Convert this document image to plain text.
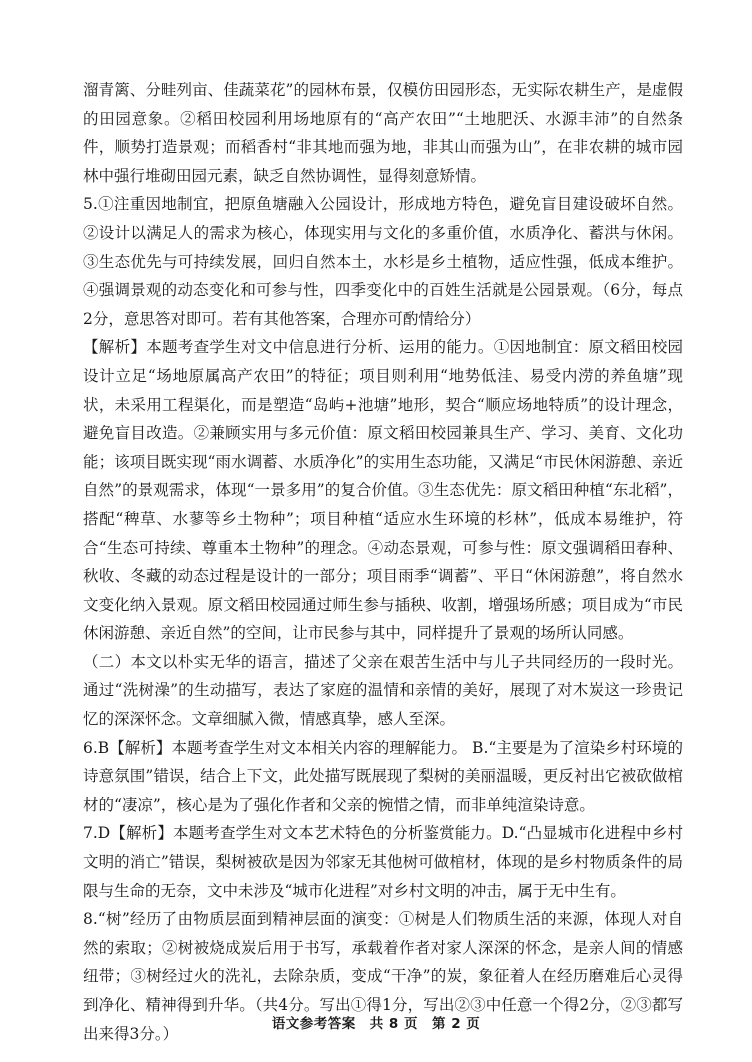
溜青篱、分畦列亩、佳蔬菜花”的园林布景，仅模仿田园形态，无实际农耕生产，是虚假的田园意象。②稻田校园利用场地原有的“高产农田”“土地肥沃、水源丰沛”的自然条件，顺势打造景观；而稻香村“非其地而强为地，非其山而强为山”，在非农耕的城市园林中强行堆砌田园元素，缺乏自然协调性，显得刻意矫情。

5.①注重因地制宜，把原鱼塘融入公园设计，形成地方特色，避免盲目建设破坏自然。②设计以满足人的需求为核心，体现实用与文化的多重价值，水质净化、蓄洪与休闲。③生态优先与可持续发展，回归自然本土，水杉是乡土植物，适应性强，低成本维护。④强调景观的动态变化和可参与性，四季变化中的百姓生活就是公园景观。（6分，每点2分，意思答对即可。若有其他答案，合理亦可酌情给分）

【解析】本题考查学生对文中信息进行分析、运用的能力。①因地制宜：原文稻田校园设计立足“场地原属高产农田”的特征；项目则利用“地势低洼、易受内涝的养鱼塘”现状，未采用工程渠化，而是塑造“岛屿+池塘”地形，契合“顺应场地特质”的设计理念，避免盲目改造。②兼顾实用与多元价值：原文稻田校园兼具生产、学习、美育、文化功能；该项目既实现“雨水调蓄、水质净化”的实用生态功能，又满足“市民休闲游憩、亲近自然”的景观需求，体现“一景多用”的复合价值。③生态优先：原文稻田种植“东北稻”，搭配“稗草、水蓼等乡土物种”；项目种植“适应水生环境的杉林”，低成本易维护，符合“生态可持续、尊重本土物种”的理念。④动态景观，可参与性：原文强调稻田春种、秋收、冬藏的动态过程是设计的一部分；项目雨季“调蓄”、平日“休闲游憩”，将自然水文变化纳入景观。原文稻田校园通过师生参与插秧、收割，增强场所感；项目成为“市民休闲游憩、亲近自然”的空间，让市民参与其中，同样提升了景观的场所认同感。

（二）本文以朴实无华的语言，描述了父亲在艰苦生活中与儿子共同经历的一段时光。通过“洗树澡”的生动描写，表达了家庭的温情和亲情的美好，展现了对木炭这一珍贵记忆的深深怀念。文章细腻入微，情感真挚，感人至深。

6.B【解析】本题考查学生对文本相关内容的理解能力。 B.“主要是为了渲染乡村环境的诗意氛围”错误，结合上下文，此处描写既展现了梨树的美丽温暖，更反衬出它被砍做棺材的“凄凉”，核心是为了强化作者和父亲的惋惜之情，而非单纯渲染诗意。

7.D【解析】本题考查学生对文本艺术特色的分析鉴赏能力。D.“凸显城市化进程中乡村文明的消亡”错误，梨树被砍是因为邻家无其他树可做棺材，体现的是乡村物质条件的局限与生命的无奈，文中未涉及“城市化进程”对乡村文明的冲击，属于无中生有。

8.“树”经历了由物质层面到精神层面的演变：①树是人们物质生活的来源，体现人对自然的索取；②树被烧成炭后用于书写，承载着作者对家人深深的怀念，是亲人间的情感纽带；③树经过火的洗礼，去除杂质，变成“干净”的炭，象征着人在经历磨难后心灵得到净化、精神得到升华。（共4分。写出①得1分，写出②③中任意一个得2分，②③都写出来得3分。）

语文参考答案　共 8 页　第 2 页
